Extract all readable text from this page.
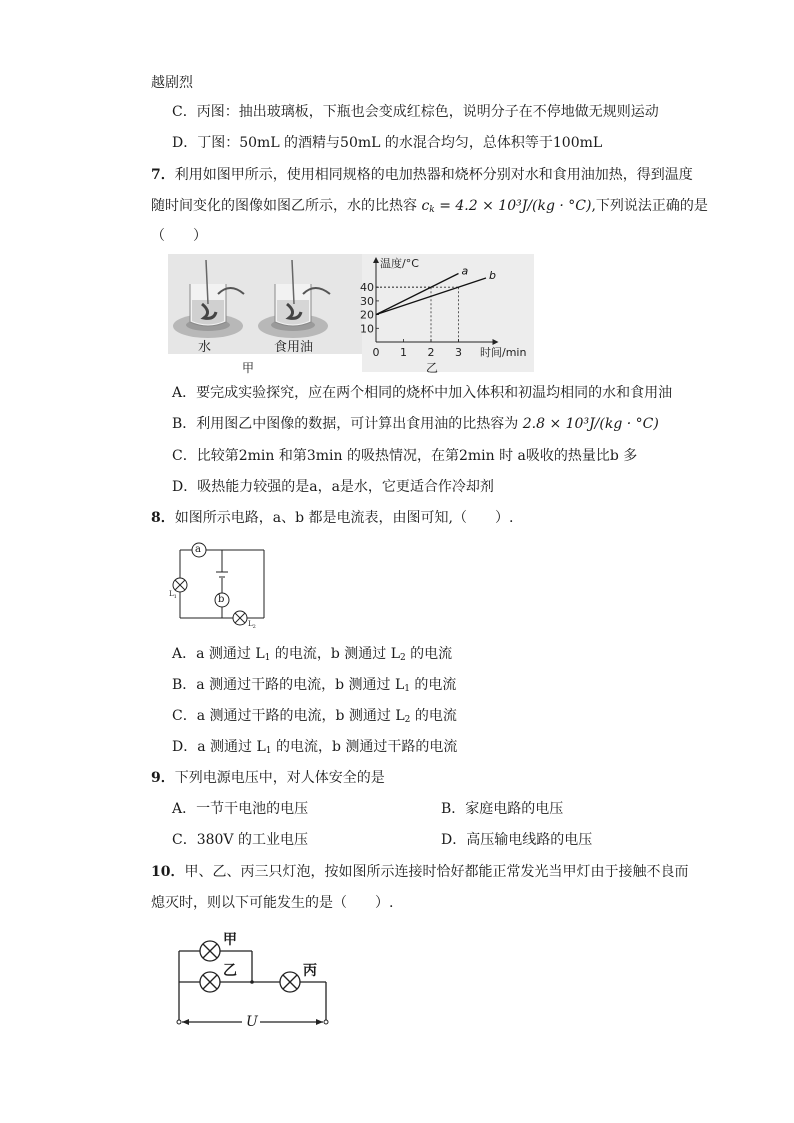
越剧烈
C．丙图：抽出玻璃板，下瓶也会变成红棕色，说明分子在不停地做无规则运动
D．丁图：50mL 的酒精与50mL 的水混合均匀，总体积等于100mL
7．利用如图甲所示，使用相同规格的电加热器和烧杯分别对水和食用油加热，得到温度
随时间变化的图像如图乙所示，水的比热容 $c_k = 4.2 \times 10^3J/(kg \cdot ^\circ C)$,下列说法正确的是
（　　）
水	食用油
甲
10
20
30
40
0 1 2 3
a b
温度/°C
时间/min
乙
A．要完成实验探究，应在两个相同的烧杯中加入体积和初温均相同的水和食用油
B．利用图乙中图像的数据，可计算出食用油的比热容为 2.8 × 10³J/(kg · °C)
C．比较第2min 和第3min 的吸热情况，在第2min 时 a吸收的热量比b 多
D．吸热能力较强的是a，a是水，它更适合作冷却剂
8．如图所示电路，a、b 都是电流表，由图可知,（　　）.
a
b
$L_1$
$L_2$
A．a 测通过 $L_1$ 的电流，b 测通过 $L_2$ 的电流
B．a 测通过干路的电流，b 测通过 $L_1$ 的电流
C．a 测通过干路的电流，b 测通过 $L_2$ 的电流
D．a 测通过 $L_1$ 的电流，b 测通过干路的电流
9．下列电源电压中，对人体安全的是
A．一节干电池的电压	B．家庭电路的电压
C．380V 的工业电压	D．高压输电线路的电压
10．甲、乙、丙三只灯泡，按如图所示连接时恰好都能正常发光当甲灯由于接触不良而
熄灭时，则以下可能发生的是（　　）.
甲
乙	丙
U
